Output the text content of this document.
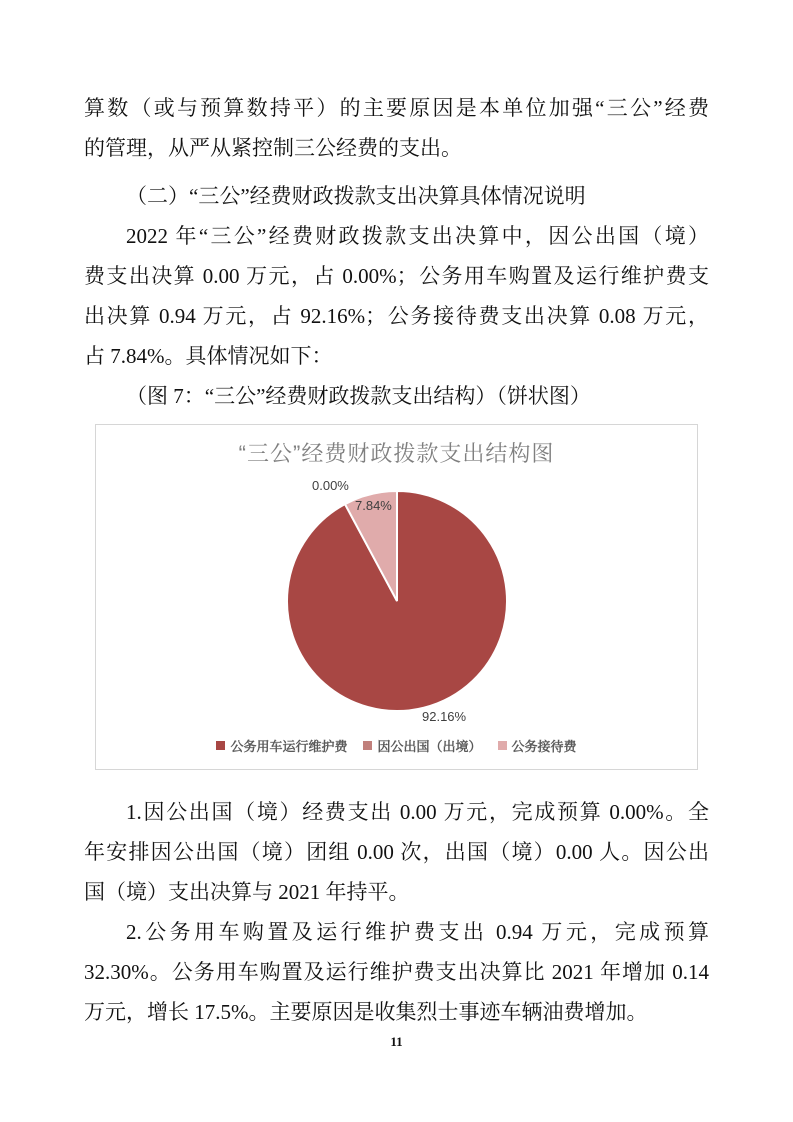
算数（或与预算数持平）的主要原因是本单位加强“三公”经费
的管理，从严从紧控制三公经费的支出。
（二）“三公”经费财政拨款支出决算具体情况说明
2022 年“三公”经费财政拨款支出决算中，因公出国（境）
费支出决算 0.00 万元，占 0.00%；公务用车购置及运行维护费支
出决算 0.94 万元，占 92.16%；公务接待费支出决算 0.08 万元，
占 7.84%。具体情况如下：
（图 7：“三公”经费财政拨款支出结构）（饼状图）
“三公”经费财政拨款支出结构图
0.00%
7.84%
92.16%
公务用车运行维护费 因公出国（出境） 公务接待费
1.因公出国（境）经费支出 0.00 万元，完成预算 0.00%。全
年安排因公出国（境）团组 0.00 次，出国（境）0.00 人。因公出
国（境）支出决算与 2021 年持平。
2.公务用车购置及运行维护费支出 0.94 万元，完成预算
32.30%。公务用车购置及运行维护费支出决算比 2021 年增加 0.14
万元，增长 17.5%。主要原因是收集烈士事迹车辆油费增加。
11
